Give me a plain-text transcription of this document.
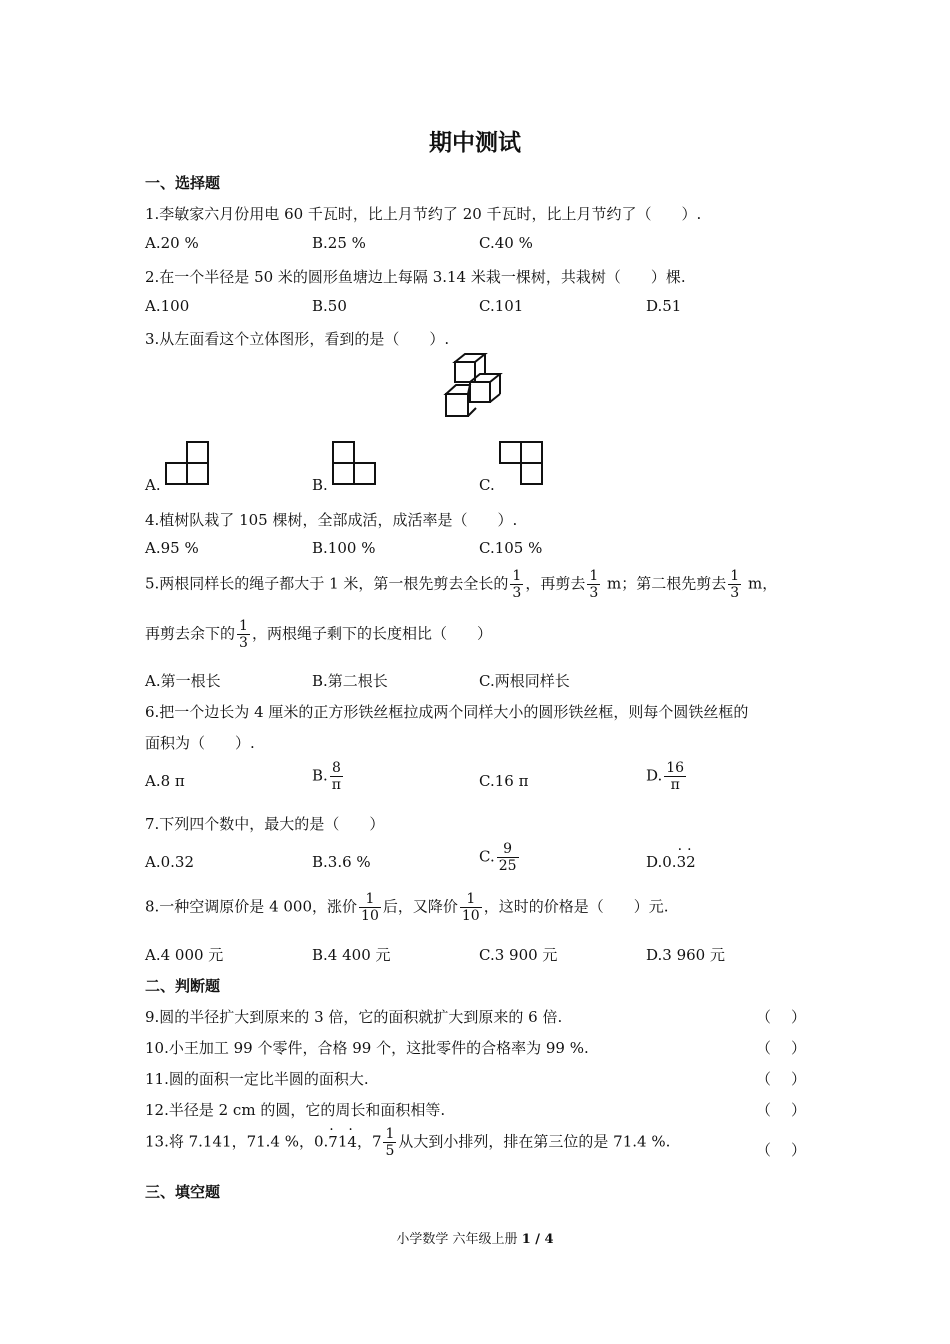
期中测试
一、选择题
1.李敏家六月份用电 60 千瓦时，比上月节约了 20 千瓦时，比上月节约了（　　）.
A.20 %	B.25 %	C.40 %
2.在一个半径是 50 米的圆形鱼塘边上每隔 3.14 米栽一棵树，共栽树（　　）棵.
A.100	B.50	C.101	D.51
3.从左面看这个立体图形，看到的是（　　）.
A.	B.	C.
4.植树队栽了 105 棵树，全部成活，成活率是（　　）.
A.95 %	B.100 %	C.105 %
5.两根同样长的绳子都大于 1 米，第一根先剪去全长的 $\frac{1}{3}$ ，再剪去 $\frac{1}{3}$ m；第二根先剪去 $\frac{1}{3}$ m，
再剪去余下的 $\frac{1}{3}$ ，两根绳子剩下的长度相比（　　）
A.第一根长	B.第二根长	C.两根同样长
6.把一个边长为 4 厘米的正方形铁丝框拉成两个同样大小的圆形铁丝框，则每个圆铁丝框的
面积为（　　）.
A.8 π	B. $\frac{8}{\pi}$	C.16 π	D. $\frac{16}{\pi}$
7.下列四个数中，最大的是（　　）
A.0.32	B.3.6 %	C. $\frac{9}{25}$	D.0.· 3· 2
8.一种空调原价是 4 000，涨价 $\frac{1}{10}$ 后，又降价 $\frac{1}{10}$ ，这时的价格是（　　）元.
A.4 000 元	B.4 400 元	C.3 900 元	D.3 960 元
二、判断题
9.圆的半径扩大到原来的 3 倍，它的面积就扩大到原来的 6 倍.	（ ）
10.小王加工 99 个零件，合格 99 个，这批零件的合格率为 99 %.	（ ）
11.圆的面积一定比半圆的面积大.	（ ）
12.半径是 2 cm 的圆，它的周长和面积相等.	（ ）
13.将 7.141，71.4 %，0.· 71· 4，$7 \frac{1}{5}$ 从大到小排列，排在第三位的是 71.4 %.	（ ）
三、填空题
小学数学 六年级上册 1 / 4
